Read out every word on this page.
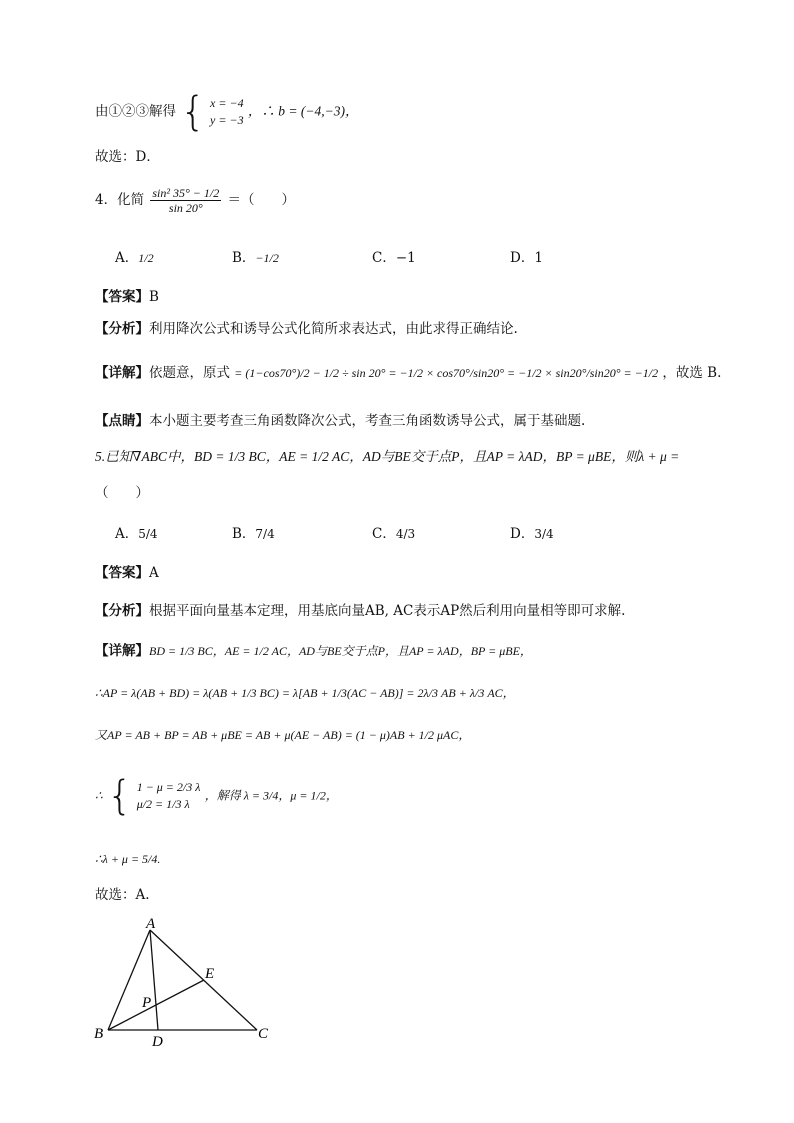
由①②③解得 { x = −4
y = −3
，∴ b = (−4,−3)，
故选：D．
4．化简 $\frac{\text{sin² 35° − 1/2}}{\sin 20^\circ}$ ＝（　　）
A．1/2	B．−1/2	C．−1	D．1
【答案】B
【分析】利用降次公式和诱导公式化简所求表达式，由此求得正确结论.
【详解】依题意，原式 = (1−cos70°)/2 − 1/2 ÷ sin 20° = −1/2 × cos70°/sin20° = −1/2 × sin20°/sin20° = −1/2 ，故选 B.
【点睛】本小题主要考查三角函数降次公式，考查三角函数诱导公式，属于基础题.
5.已知∇ABC中，BD = 1/3 BC，AE = 1/2 AC，AD与BE交于点P，且AP = λAD，BP = μBE，则λ + μ =
（　　）
A．5/4	B．7/4	C．4/3	D．3/4
【答案】A
【分析】根据平面向量基本定理，用基底向量AB, AC表示AP然后利用向量相等即可求解.
【详解】BD = 1/3 BC，AE = 1/2 AC，AD与BE交于点P，且AP = λAD，BP = μBE，
∴AP = λ(AB + BD) = λ(AB + 1/3 BC) = λ[AB + 1/3(AC − AB)] = 2λ/3 AB + λ/3 AC，
又AP = AB + BP = AB + μBE = AB + μ(AE − AB) = (1 − μ)AB + 1/2 μAC，
∴ { 1 − μ = 2/3 λ
μ/2 = 1/3 λ
，解得 λ = 3/4，μ = 1/2，
∴λ + μ = 5/4.
故选：A.
A
B	C
D
E
P
